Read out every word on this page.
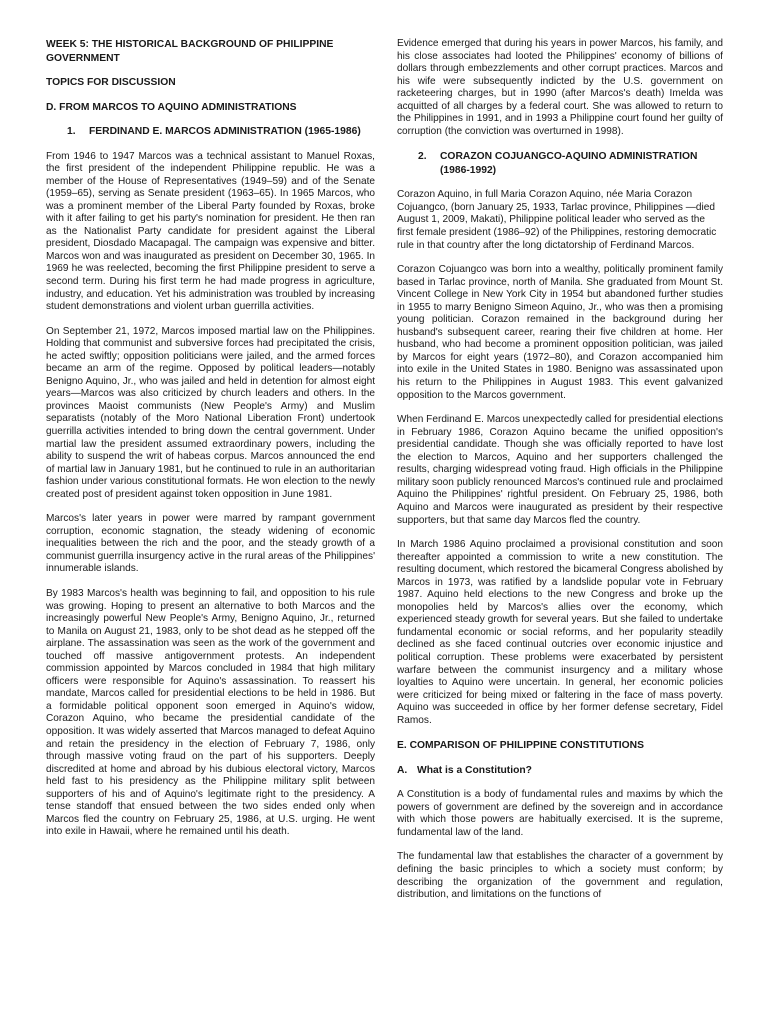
WEEK 5: THE HISTORICAL BACKGROUND OF PHILIPPINE GOVERNMENT
TOPICS FOR DISCUSSION
D. FROM MARCOS TO AQUINO ADMINISTRATIONS
1.	FERDINAND E. MARCOS ADMINISTRATION (1965-1986)

From 1946 to 1947 Marcos was a technical assistant to Manuel Roxas, the first president of the independent Philippine republic. He was a member of the House of Representatives (1949–59) and of the Senate (1959–65), serving as Senate president (1963–65). In 1965 Marcos, who was a prominent member of the Liberal Party founded by Roxas, broke with it after failing to get his party's nomination for president. He then ran as the Nationalist Party candidate for president against the Liberal president, Diosdado Macapagal. The campaign was expensive and bitter. Marcos won and was inaugurated as president on December 30, 1965. In 1969 he was reelected, becoming the first Philippine president to serve a second term. During his first term he had made progress in agriculture, industry, and education. Yet his administration was troubled by increasing student demonstrations and violent urban guerrilla activities.

On September 21, 1972, Marcos imposed martial law on the Philippines. Holding that communist and subversive forces had precipitated the crisis, he acted swiftly; opposition politicians were jailed, and the armed forces became an arm of the regime. Opposed by political leaders—notably Benigno Aquino, Jr., who was jailed and held in detention for almost eight years—Marcos was also criticized by church leaders and others. In the provinces Maoist communists (New People's Army) and Muslim separatists (notably of the Moro National Liberation Front) undertook guerrilla activities intended to bring down the central government. Under martial law the president assumed extraordinary powers, including the ability to suspend the writ of habeas corpus. Marcos announced the end of martial law in January 1981, but he continued to rule in an authoritarian fashion under various constitutional formats. He won election to the newly created post of president against token opposition in June 1981.

Marcos's later years in power were marred by rampant government corruption, economic stagnation, the steady widening of economic inequalities between the rich and the poor, and the steady growth of a communist guerrilla insurgency active in the rural areas of the Philippines' innumerable islands.

By 1983 Marcos's health was beginning to fail, and opposition to his rule was growing. Hoping to present an alternative to both Marcos and the increasingly powerful New People's Army, Benigno Aquino, Jr., returned to Manila on August 21, 1983, only to be shot dead as he stepped off the airplane. The assassination was seen as the work of the government and touched off massive antigovernment protests. An independent commission appointed by Marcos concluded in 1984 that high military officers were responsible for Aquino's assassination. To reassert his mandate, Marcos called for presidential elections to be held in 1986. But a formidable political opponent soon emerged in Aquino's widow, Corazon Aquino, who became the presidential candidate of the opposition. It was widely asserted that Marcos managed to defeat Aquino and retain the presidency in the election of February 7, 1986, only through massive voting fraud on the part of his supporters. Deeply discredited at home and abroad by his dubious electoral victory, Marcos held fast to his presidency as the Philippine military split between supporters of his and of Aquino's legitimate right to the presidency. A tense standoff that ensued between the two sides ended only when Marcos fled the country on February 25, 1986, at U.S. urging. He went into exile in Hawaii, where he remained until his death.

Evidence emerged that during his years in power Marcos, his family, and his close associates had looted the Philippines' economy of billions of dollars through embezzlements and other corrupt practices. Marcos and his wife were subsequently indicted by the U.S. government on racketeering charges, but in 1990 (after Marcos's death) Imelda was acquitted of all charges by a federal court. She was allowed to return to the Philippines in 1991, and in 1993 a Philippine court found her guilty of corruption (the conviction was overturned in 1998).

2.	CORAZON COJUANGCO-AQUINO ADMINISTRATION (1986-1992)

Corazon Aquino, in full Maria Corazon Aquino, née Maria Corazon Cojuangco, (born January 25, 1933, Tarlac province, Philippines —died August 1, 2009, Makati), Philippine political leader who served as the first female president (1986–92) of the Philippines, restoring democratic rule in that country after the long dictatorship of Ferdinand Marcos.

Corazon Cojuangco was born into a wealthy, politically prominent family based in Tarlac province, north of Manila. She graduated from Mount St. Vincent College in New York City in 1954 but abandoned further studies in 1955 to marry Benigno Simeon Aquino, Jr., who was then a promising young politician. Corazon remained in the background during her husband's subsequent career, rearing their five children at home. Her husband, who had become a prominent opposition politician, was jailed by Marcos for eight years (1972–80), and Corazon accompanied him into exile in the United States in 1980. Benigno was assassinated upon his return to the Philippines in August 1983. This event galvanized opposition to the Marcos government.

When Ferdinand E. Marcos unexpectedly called for presidential elections in February 1986, Corazon Aquino became the unified opposition's presidential candidate. Though she was officially reported to have lost the election to Marcos, Aquino and her supporters challenged the results, charging widespread voting fraud. High officials in the Philippine military soon publicly renounced Marcos's continued rule and proclaimed Aquino the Philippines' rightful president. On February 25, 1986, both Aquino and Marcos were inaugurated as president by their respective supporters, but that same day Marcos fled the country.

In March 1986 Aquino proclaimed a provisional constitution and soon thereafter appointed a commission to write a new constitution. The resulting document, which restored the bicameral Congress abolished by Marcos in 1973, was ratified by a landslide popular vote in February 1987. Aquino held elections to the new Congress and broke up the monopolies held by Marcos's allies over the economy, which experienced steady growth for several years. But she failed to undertake fundamental economic or social reforms, and her popularity steadily declined as she faced continual outcries over economic injustice and political corruption. These problems were exacerbated by persistent warfare between the communist insurgency and a military whose loyalties to Aquino were uncertain. In general, her economic policies were criticized for being mixed or faltering in the face of mass poverty. Aquino was succeeded in office by her former defense secretary, Fidel Ramos.

E. COMPARISON OF PHILIPPINE CONSTITUTIONS
A. What is a Constitution?

A Constitution is a body of fundamental rules and maxims by which the powers of government are defined by the sovereign and in accordance with which those powers are habitually exercised. It is the supreme, fundamental law of the land.

The fundamental law that establishes the character of a government by defining the basic principles to which a society must conform; by describing the organization of the government and regulation, distribution, and limitations on the functions of
